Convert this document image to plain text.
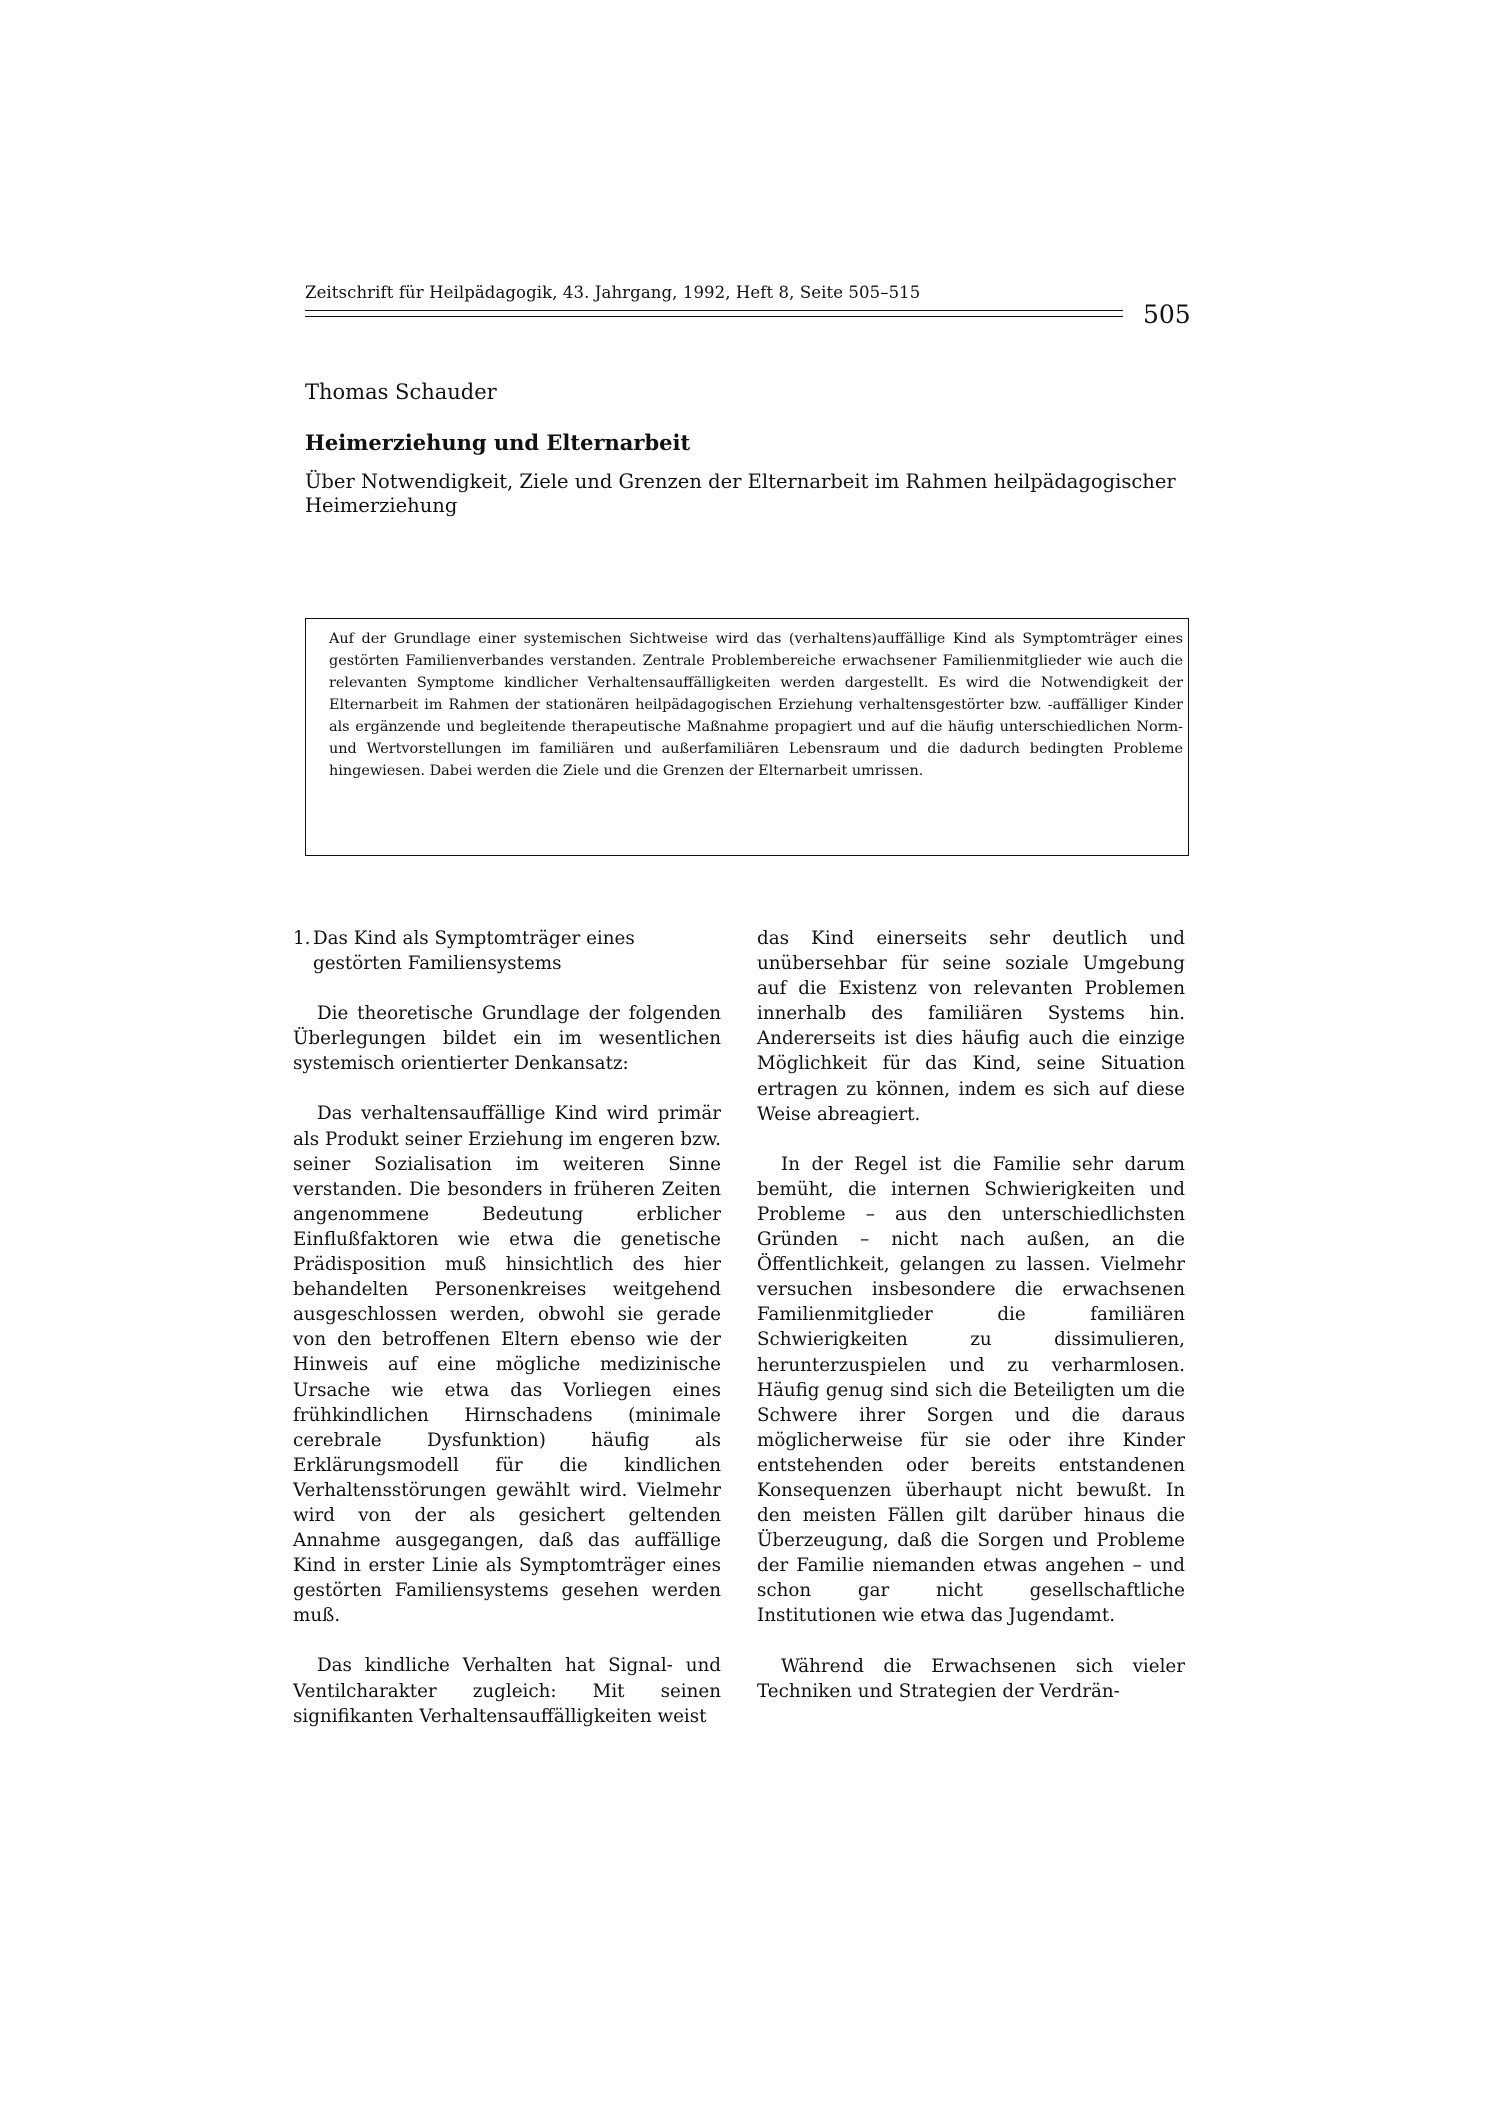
Zeitschrift für Heilpädagogik, 43. Jahrgang, 1992, Heft 8, Seite 505–515
505
Thomas Schauder
Heimerziehung und Elternarbeit
Über Notwendigkeit, Ziele und Grenzen der Elternarbeit im Rahmen heilpädagogischer Heimerziehung
Auf der Grundlage einer systemischen Sichtweise wird das (verhaltens)auffällige Kind als Symptomträger eines gestörten Familienverbandes verstanden. Zentrale Problembereiche erwachsener Familienmitglieder wie auch die relevanten Symptome kindlicher Verhaltensauffälligkeiten werden dargestellt. Es wird die Notwendigkeit der Elternarbeit im Rahmen der stationären heilpädagogischen Erziehung verhaltensgestörter bzw. -auffälliger Kinder als ergänzende und begleitende therapeutische Maßnahme propagiert und auf die häufig unterschiedlichen Norm- und Wertvorstellungen im familiären und außerfamiliären Lebensraum und die dadurch bedingten Probleme hingewiesen. Dabei werden die Ziele und die Grenzen der Elternarbeit umrissen.
1. Das Kind als Symptomträger eines gestörten Familiensystems

Die theoretische Grundlage der folgenden Überlegungen bildet ein im wesentlichen systemisch orientierter Denkansatz:

Das verhaltensauffällige Kind wird primär als Produkt seiner Erziehung im engeren bzw. seiner Sozialisation im weiteren Sinne verstanden. Die besonders in früheren Zeiten angenommene Bedeutung erblicher Einflußfaktoren wie etwa die genetische Prädisposition muß hinsichtlich des hier behandelten Personenkreises weitgehend ausgeschlossen werden, obwohl sie gerade von den betroffenen Eltern ebenso wie der Hinweis auf eine mögliche medizinische Ursache wie etwa das Vorliegen eines frühkindlichen Hirnschadens (minimale cerebrale Dysfunktion) häufig als Erklärungsmodell für die kindlichen Verhaltensstörungen gewählt wird. Vielmehr wird von der als gesichert geltenden Annahme ausgegangen, daß das auffällige Kind in erster Linie als Symptomträger eines gestörten Familiensystems gesehen werden muß.

Das kindliche Verhalten hat Signal- und Ventilcharakter zugleich: Mit seinen signifikanten Verhaltensauffälligkeiten weist

das Kind einerseits sehr deutlich und unübersehbar für seine soziale Umgebung auf die Existenz von relevanten Problemen innerhalb des familiären Systems hin. Andererseits ist dies häufig auch die einzige Möglichkeit für das Kind, seine Situation ertragen zu können, indem es sich auf diese Weise abreagiert.

In der Regel ist die Familie sehr darum bemüht, die internen Schwierigkeiten und Probleme – aus den unterschiedlichsten Gründen – nicht nach außen, an die Öffentlichkeit, gelangen zu lassen. Vielmehr versuchen insbesondere die erwachsenen Familienmitglieder die familiären Schwierigkeiten zu dissimulieren, herunterzuspielen und zu verharmlosen. Häufig genug sind sich die Beteiligten um die Schwere ihrer Sorgen und die daraus möglicherweise für sie oder ihre Kinder entstehenden oder bereits entstandenen Konsequenzen überhaupt nicht bewußt. In den meisten Fällen gilt darüber hinaus die Überzeugung, daß die Sorgen und Probleme der Familie niemanden etwas angehen – und schon gar nicht gesellschaftliche Institutionen wie etwa das Jugendamt.

Während die Erwachsenen sich vieler Techniken und Strategien der Verdrän-
